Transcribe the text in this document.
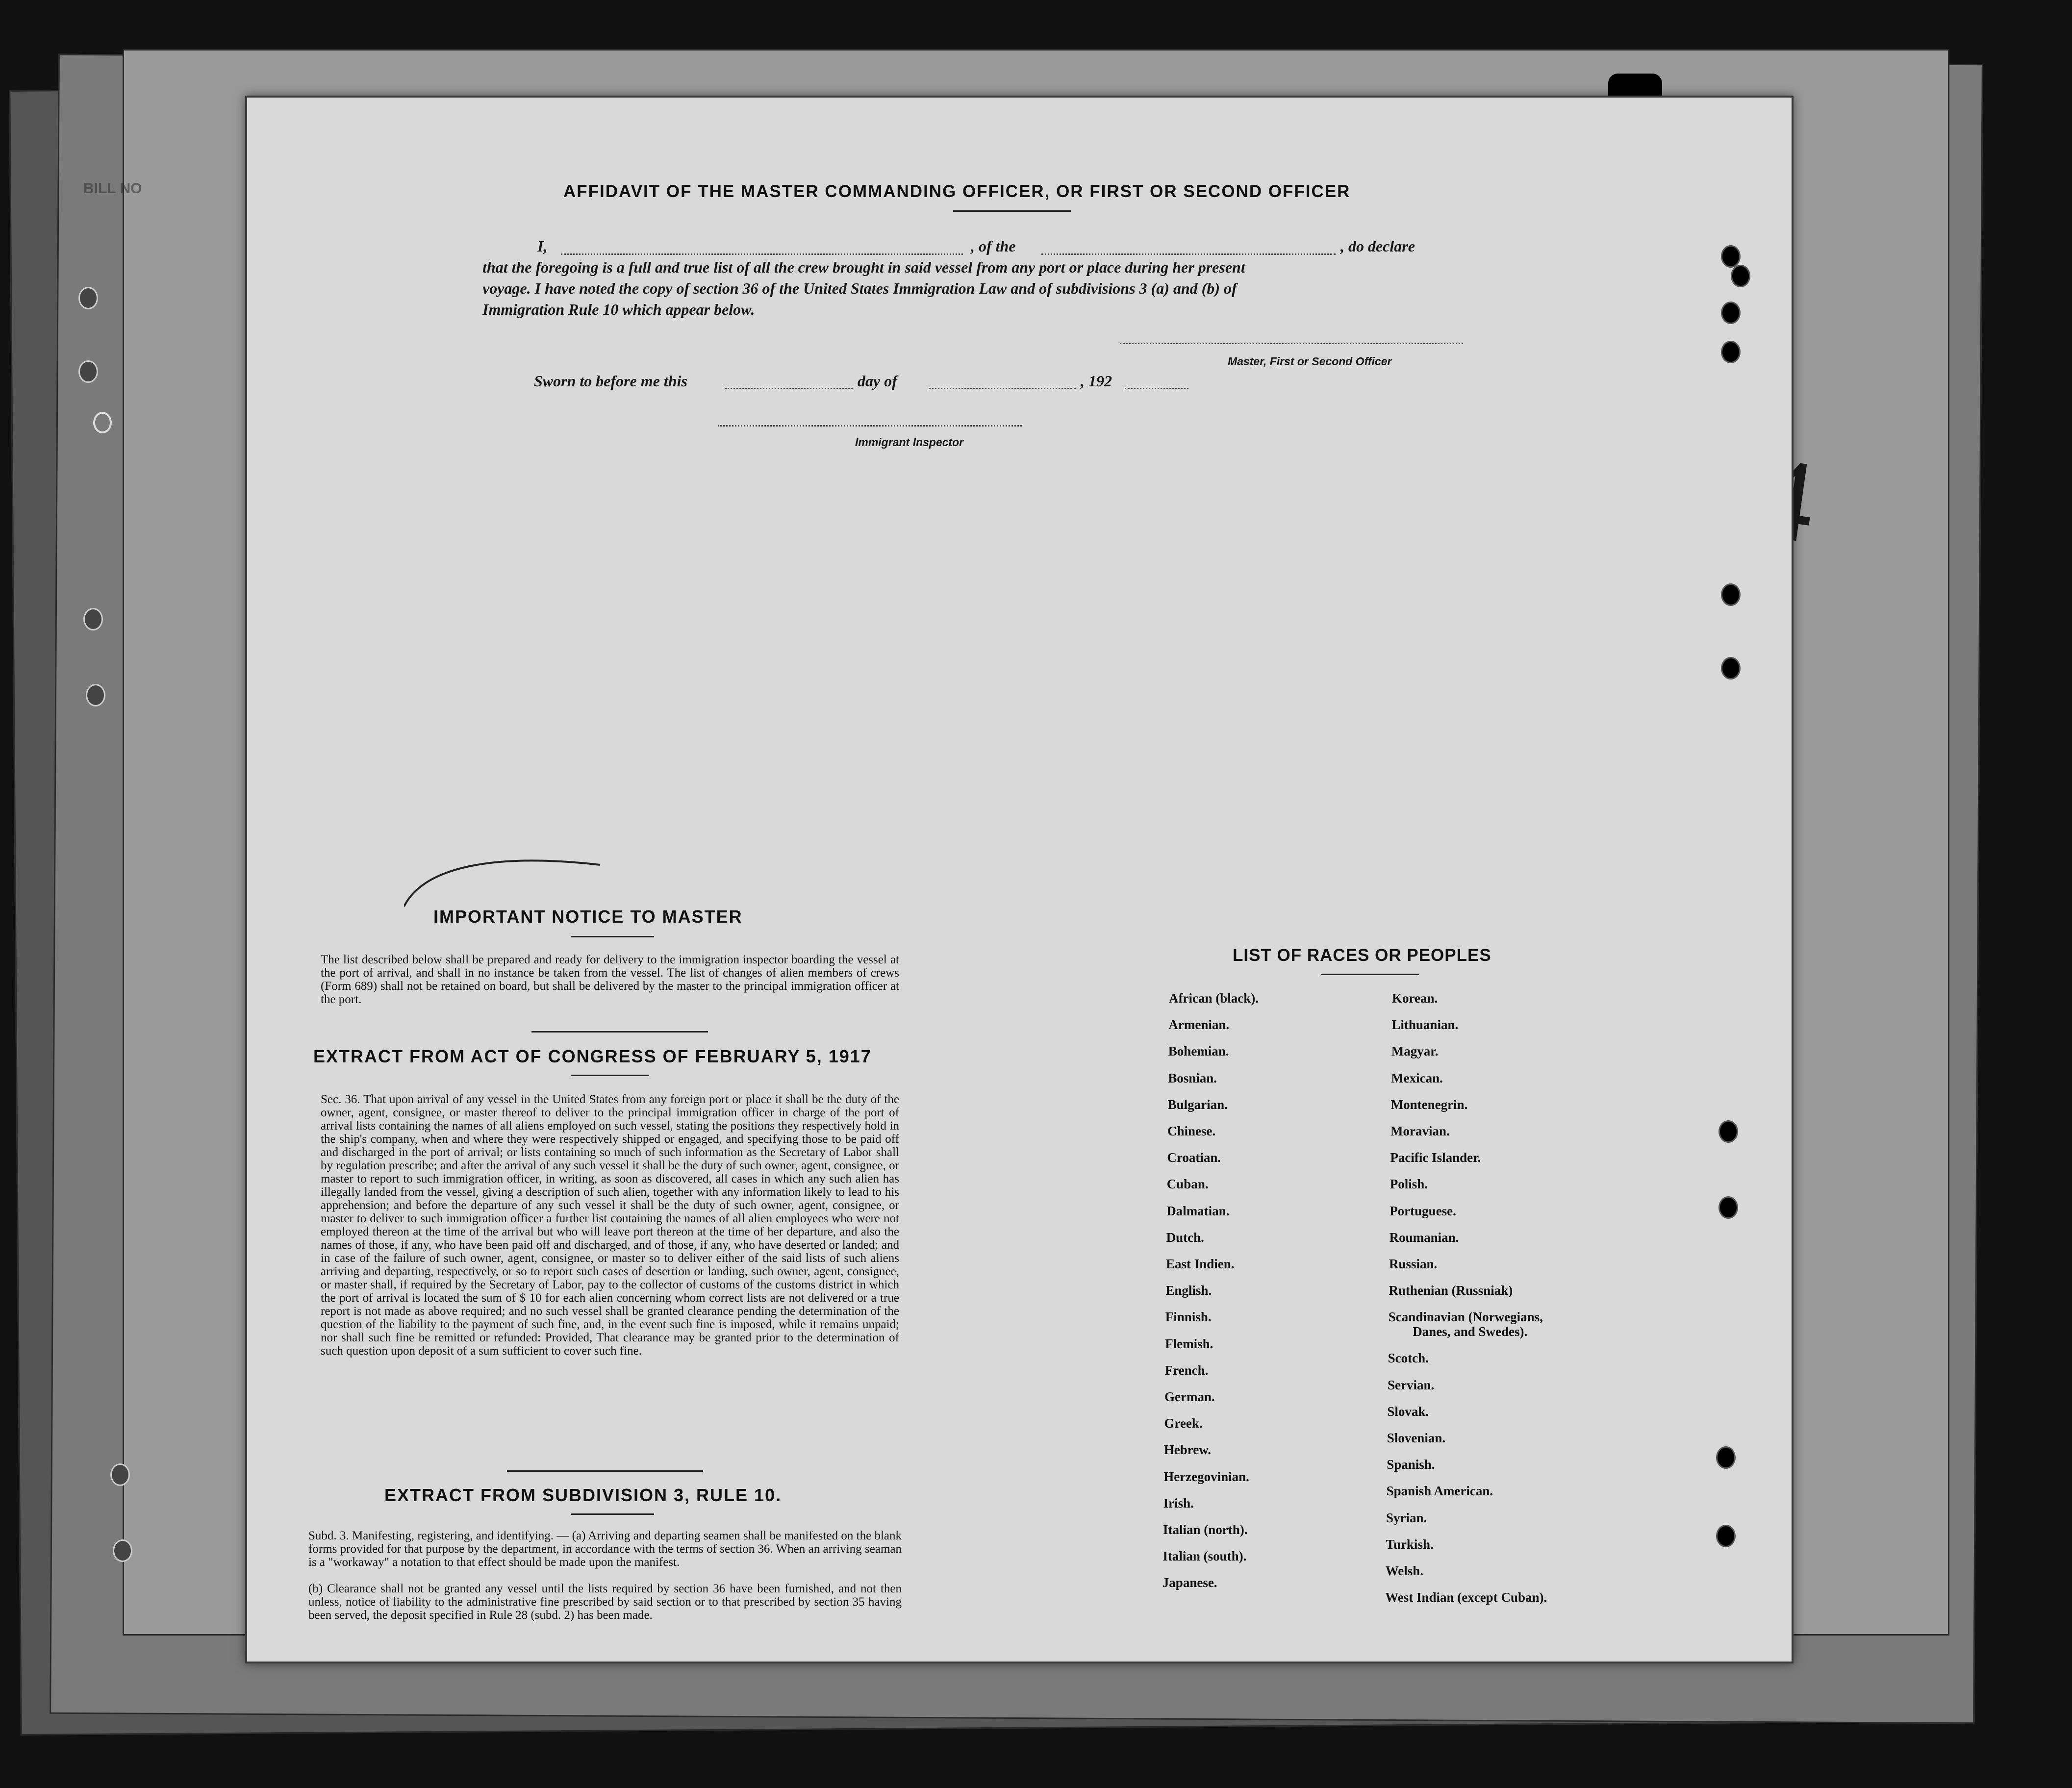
BILL NO	AFFIDAVIT OF THE MASTER COMMANDING OFFICER, OR FIRST OR SECOND OFFICER
I,	, of the	, do declare
that the foregoing is a full and true list of all the crew brought in said vessel from any port or place during her present
voyage. I have noted the copy of section 36 of the United States Immigration Law and of subdivisions 3 (a) and (b) of
Immigration Rule 10 which appear below.
Master, First or Second Officer
Sworn to before me this	day of	, 192
Immigrant Inspector
IMPORTANT NOTICE TO MASTER
The list described below shall be prepared and ready for delivery to the immigration inspector boarding the vessel at the port of arrival, and shall in no instance be taken from the vessel. The list of changes of alien members of crews (Form 689) shall not be retained on board, but shall be delivered by the master to the principal immigration officer at the port.
EXTRACT FROM ACT OF CONGRESS OF FEBRUARY 5, 1917
Sec. 36. That upon arrival of any vessel in the United States from any foreign port or place it shall be the duty of the owner, agent, consignee, or master thereof to deliver to the principal immigration officer in charge of the port of arrival lists containing the names of all aliens employed on such vessel, stating the positions they respectively hold in the ship's company, when and where they were respectively shipped or engaged, and specifying those to be paid off and discharged in the port of arrival; or lists containing so much of such information as the Secretary of Labor shall by regulation prescribe; and after the arrival of any such vessel it shall be the duty of such owner, agent, consignee, or master to report to such immigration officer, in writing, as soon as discovered, all cases in which any such alien has illegally landed from the vessel, giving a description of such alien, together with any information likely to lead to his apprehension; and before the departure of any such vessel it shall be the duty of such owner, agent, consignee, or master to deliver to such immigration officer a further list containing the names of all alien employees who were not employed thereon at the time of the arrival but who will leave port thereon at the time of her departure, and also the names of those, if any, who have been paid off and discharged, and of those, if any, who have deserted or landed; and in case of the failure of such owner, agent, consignee, or master so to deliver either of the said lists of such aliens arriving and departing, respectively, or so to report such cases of desertion or landing, such owner, agent, consignee, or master shall, if required by the Secretary of Labor, pay to the collector of customs of the customs district in which the port of arrival is located the sum of $ 10 for each alien concerning whom correct lists are not delivered or a true report is not made as above required; and no such vessel shall be granted clearance pending the determination of the question of the liability to the payment of such fine, and, in the event such fine is imposed, while it remains unpaid; nor shall such fine be remitted or refunded: Provided, That clearance may be granted prior to the determination of such question upon deposit of a sum sufficient to cover such fine.
EXTRACT FROM SUBDIVISION 3, RULE 10.
Subd. 3. Manifesting, registering, and identifying. — (a) Arriving and departing seamen shall be manifested on the blank forms provided for that purpose by the department, in accordance with the terms of section 36. When an arriving seaman is a "workaway" a notation to that effect should be made upon the manifest.
(b) Clearance shall not be granted any vessel until the lists required by section 36 have been furnished, and not then unless, notice of liability to the administrative fine prescribed by said section or to that prescribed by section 35 having been served, the deposit specified in Rule 28 (subd. 2) has been made.
LIST OF RACES OR PEOPLES
African (black).
Armenian.
Bohemian.
Bosnian.
Bulgarian.
Chinese.
Croatian.
Cuban.
Dalmatian.
Dutch.
East Indien.
English.
Finnish.
Flemish.
French.
German.
Greek.
Hebrew.
Herzegovinian.
Irish.
Italian (north).
Italian (south).
Japanese.
Korean.
Lithuanian.
Magyar.
Mexican.
Montenegrin.
Moravian.
Pacific Islander.
Polish.
Portuguese.
Roumanian.
Russian.
Ruthenian (Russniak)
Scandinavian (Norwegians,
Danes, and Swedes).
Scotch.
Servian.
Slovak.
Slovenian.
Spanish.
Spanish American.
Syrian.
Turkish.
Welsh.
West Indian (except Cuban).
